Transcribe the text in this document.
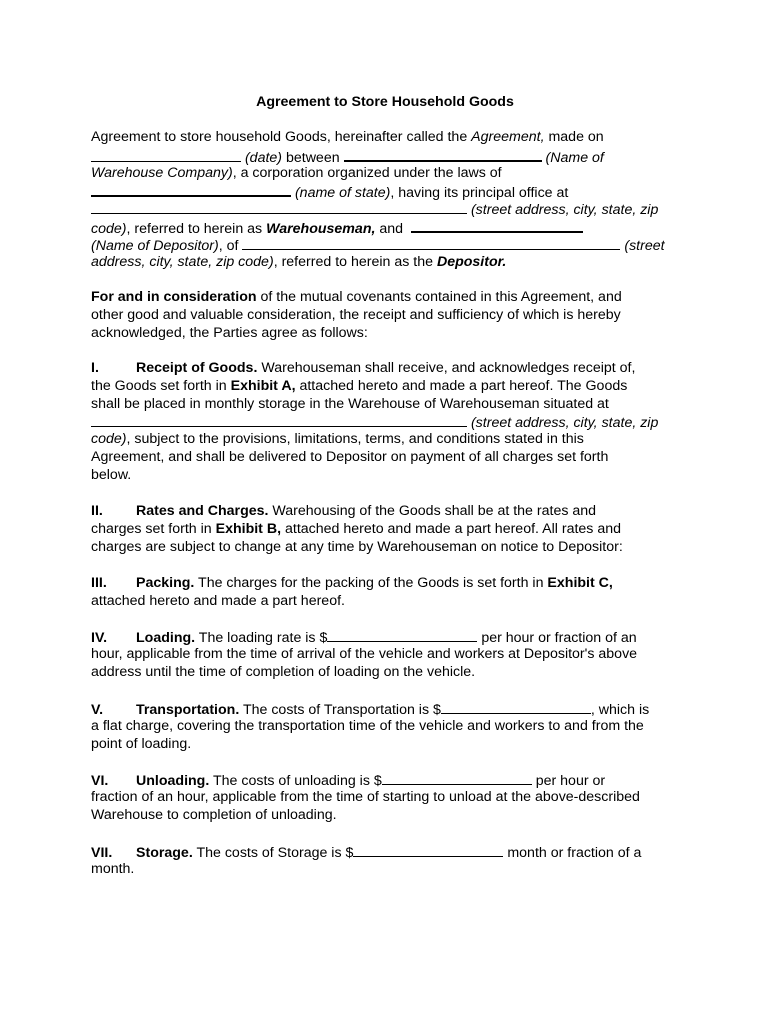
Agreement to Store Household Goods
Agreement to store household Goods, hereinafter called the Agreement, made on
(date) between	(Name of
Warehouse Company), a corporation organized under the laws of
(name of state), having its principal office at
(street address, city, state, zip
code), referred to herein as Warehouseman, and
(Name of Depositor), of	(street
address, city, state, zip code), referred to herein as the Depositor.
For and in consideration of the mutual covenants contained in this Agreement, and
other good and valuable consideration, the receipt and sufficiency of which is hereby
acknowledged, the Parties agree as follows:
I.	Receipt of Goods. Warehouseman shall receive, and acknowledges receipt of,
the Goods set forth in Exhibit A, attached hereto and made a part hereof. The Goods
shall be placed in monthly storage in the Warehouse of Warehouseman situated at
(street address, city, state, zip
code), subject to the provisions, limitations, terms, and conditions stated in this
Agreement, and shall be delivered to Depositor on payment of all charges set forth
below.
II. Rates and Charges. Warehousing of the Goods shall be at the rates and
charges set forth in Exhibit B, attached hereto and made a part hereof. All rates and
charges are subject to change at any time by Warehouseman on notice to Depositor:
III. Packing. The charges for the packing of the Goods is set forth in Exhibit C,
attached hereto and made a part hereof.
IV. Loading. The loading rate is $	per hour or fraction of an
hour, applicable from the time of arrival of the vehicle and workers at Depositor's above
address until the time of completion of loading on the vehicle.
V. Transportation. The costs of Transportation is $	, which is
a flat charge, covering the transportation time of the vehicle and workers to and from the
point of loading.
VI. Unloading. The costs of unloading is $	per hour or
fraction of an hour, applicable from the time of starting to unload at the above-described
Warehouse to completion of unloading.
VII. Storage. The costs of Storage is $	month or fraction of a
month.
